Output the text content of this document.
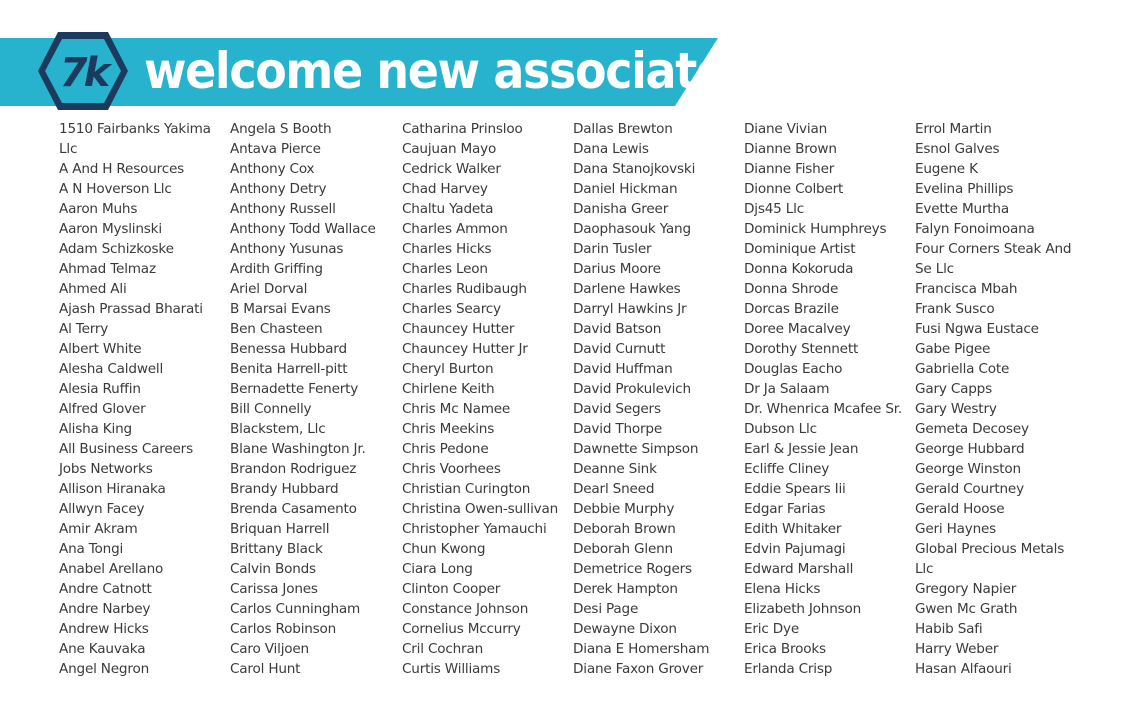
7k welcome new associates!
1510 Fairbanks Yakima
Llc
A And H Resources
A N Hoverson Llc
Aaron Muhs
Aaron Myslinski
Adam Schizkoske
Ahmad Telmaz
Ahmed Ali
Ajash Prassad Bharati
Al Terry
Albert White
Alesha Caldwell
Alesia Ruffin
Alfred Glover
Alisha King
All Business Careers
Jobs Networks
Allison Hiranaka
Allwyn Facey
Amir Akram
Ana Tongi
Anabel Arellano
Andre Catnott
Andre Narbey
Andrew Hicks
Ane Kauvaka
Angel Negron
Angela S Booth
Antava Pierce
Anthony Cox
Anthony Detry
Anthony Russell
Anthony Todd Wallace
Anthony Yusunas
Ardith Griffing
Ariel Dorval
B Marsai Evans
Ben Chasteen
Benessa Hubbard
Benita Harrell-pitt
Bernadette Fenerty
Bill Connelly
Blackstem, Llc
Blane Washington Jr.
Brandon Rodriguez
Brandy Hubbard
Brenda Casamento
Briquan Harrell
Brittany Black
Calvin Bonds
Carissa Jones
Carlos Cunningham
Carlos Robinson
Caro Viljoen
Carol Hunt
Catharina Prinsloo
Caujuan Mayo
Cedrick Walker
Chad Harvey
Chaltu Yadeta
Charles Ammon
Charles Hicks
Charles Leon
Charles Rudibaugh
Charles Searcy
Chauncey Hutter
Chauncey Hutter Jr
Cheryl Burton
Chirlene Keith
Chris Mc Namee
Chris Meekins
Chris Pedone
Chris Voorhees
Christian Curington
Christina Owen-sullivan
Christopher Yamauchi
Chun Kwong
Ciara Long
Clinton Cooper
Constance Johnson
Cornelius Mccurry
Cril Cochran
Curtis Williams
Dallas Brewton
Dana Lewis
Dana Stanojkovski
Daniel Hickman
Danisha Greer
Daophasouk Yang
Darin Tusler
Darius Moore
Darlene Hawkes
Darryl Hawkins Jr
David Batson
David Curnutt
David Huffman
David Prokulevich
David Segers
David Thorpe
Dawnette Simpson
Deanne Sink
Dearl Sneed
Debbie Murphy
Deborah Brown
Deborah Glenn
Demetrice Rogers
Derek Hampton
Desi Page
Dewayne Dixon
Diana E Homersham
Diane Faxon Grover
Diane Vivian
Dianne Brown
Dianne Fisher
Dionne Colbert
Djs45 Llc
Dominick Humphreys
Dominique Artist
Donna Kokoruda
Donna Shrode
Dorcas Brazile
Doree Macalvey
Dorothy Stennett
Douglas Eacho
Dr Ja Salaam
Dr. Whenrica Mcafee Sr.
Dubson Llc
Earl & Jessie Jean
Ecliffe Cliney
Eddie Spears Iii
Edgar Farias
Edith Whitaker
Edvin Pajumagi
Edward Marshall
Elena Hicks
Elizabeth Johnson
Eric Dye
Erica Brooks
Erlanda Crisp
Errol Martin
Esnol Galves
Eugene K
Evelina Phillips
Evette Murtha
Falyn Fonoimoana
Four Corners Steak And
Se Llc
Francisca Mbah
Frank Susco
Fusi Ngwa Eustace
Gabe Pigee
Gabriella Cote
Gary Capps
Gary Westry
Gemeta Decosey
George Hubbard
George Winston
Gerald Courtney
Gerald Hoose
Geri Haynes
Global Precious Metals
Llc
Gregory Napier
Gwen Mc Grath
Habib Safi
Harry Weber
Hasan Alfaouri
